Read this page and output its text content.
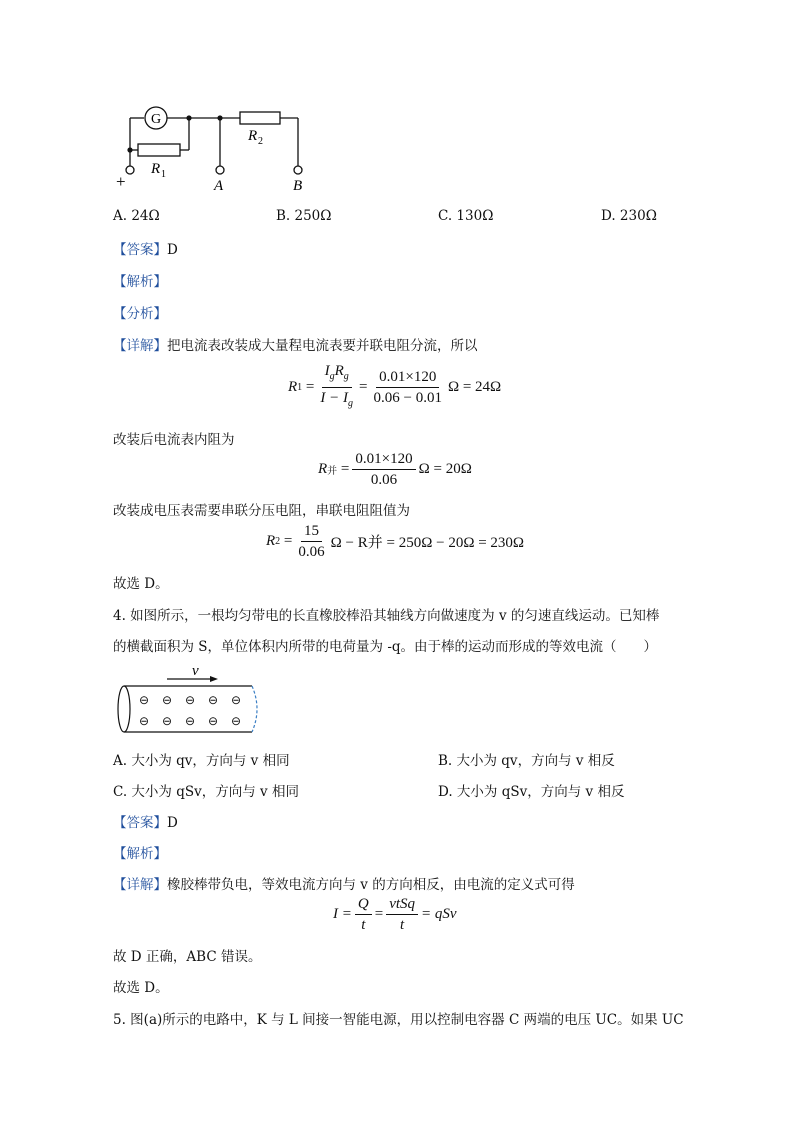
G
R 1
R 2
+	A	B
A. 24Ω	B. 250Ω	C. 130Ω	D. 230Ω
【答案】D
【解析】
【分析】
【详解】把电流表改装成大量程电流表要并联电阻分流，所以
R $1 = \frac{I_gR_g}{I - I_g} = \frac{0.01\times 120}{0.06 - 0.01}$ Ω = 24Ω
改装后电流表内阻为
R 并 = $\frac{0.01\times 120}{0.06}$ Ω = 20Ω
改装成电压表需要串联分压电阻，串联电阻阻值为
R $2 = \frac{15}{0.06}$ Ω − R并 = 250Ω − 20Ω = 230Ω
故选 D。
4. 如图所示，一根均匀带电的长直橡胶棒沿其轴线方向做速度为 v 的匀速直线运动。已知棒
的横截面积为 S，单位体积内所带的电荷量为 -q。由于棒的运动而形成的等效电流（　　）
v
⊖ ⊖ ⊖ ⊖ ⊖
⊖ ⊖ ⊖ ⊖ ⊖
A. 大小为 qv，方向与 v 相同	B. 大小为 qv，方向与 v 相反
C. 大小为 qSv，方向与 v 相同	D. 大小为 qSv，方向与 v 相反
【答案】D
【解析】
【详解】橡胶棒带负电，等效电流方向与 v 的方向相反，由电流的定义式可得
$I = \frac{Q}{t} = \frac{\text{vtSq}}{t}$ = qSv
故 D 正确，ABC 错误。
故选 D。
5. 图(a)所示的电路中，K 与 L 间接一智能电源，用以控制电容器 C 两端的电压 UC。如果 UC
